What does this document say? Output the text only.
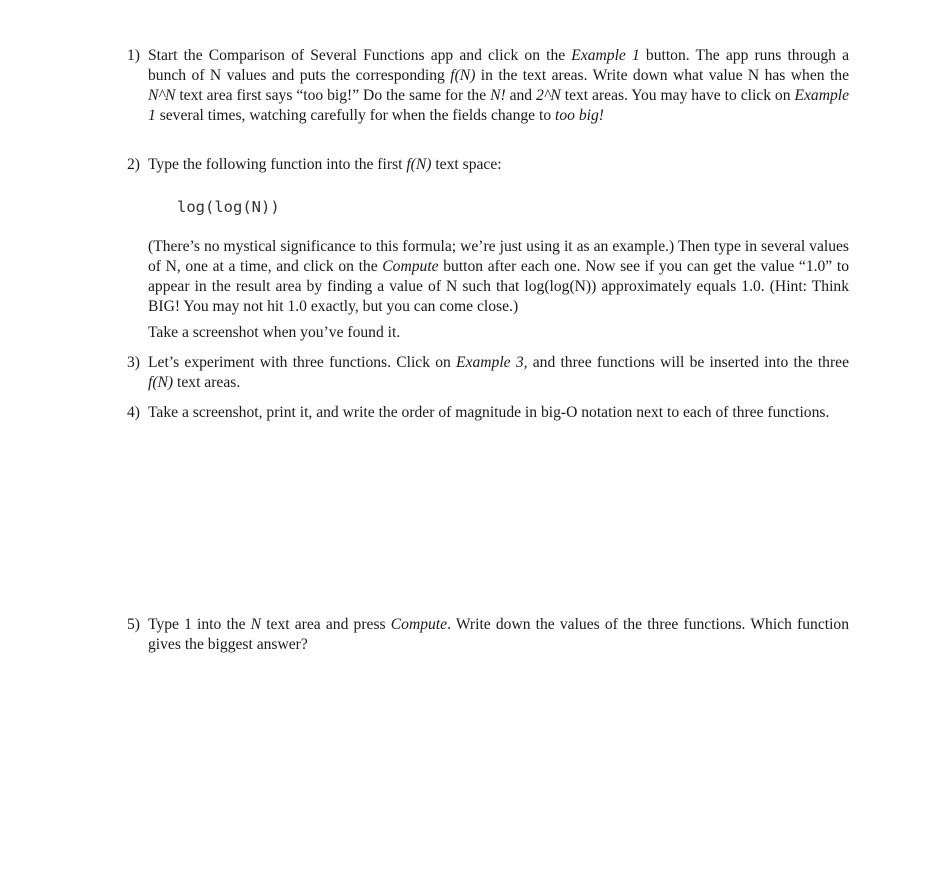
1) Start the Comparison of Several Functions app and click on the Example 1 button. The app runs through a bunch of N values and puts the corresponding f(N) in the text areas. Write down what value N has when the N^N text area first says “too big!” Do the same for the N! and 2^N text areas. You may have to click on Example 1 several times, watching carefully for when the fields change to too big!

2) Type the following function into the first f(N) text space:

log(log(N))

(There’s no mystical significance to this formula; we’re just using it as an example.) Then type in several values of N, one at a time, and click on the Compute button after each one. Now see if you can get the value “1.0” to appear in the result area by finding a value of N such that log(log(N)) approximately equals 1.0. (Hint: Think BIG! You may not hit 1.0 exactly, but you can come close.)

Take a screenshot when you’ve found it.

3) Let’s experiment with three functions. Click on Example 3, and three functions will be inserted into the three f(N) text areas.

4) Take a screenshot, print it, and write the order of magnitude in big-O notation next to each of three functions.

5) Type 1 into the N text area and press Compute. Write down the values of the three functions. Which function gives the biggest answer?
